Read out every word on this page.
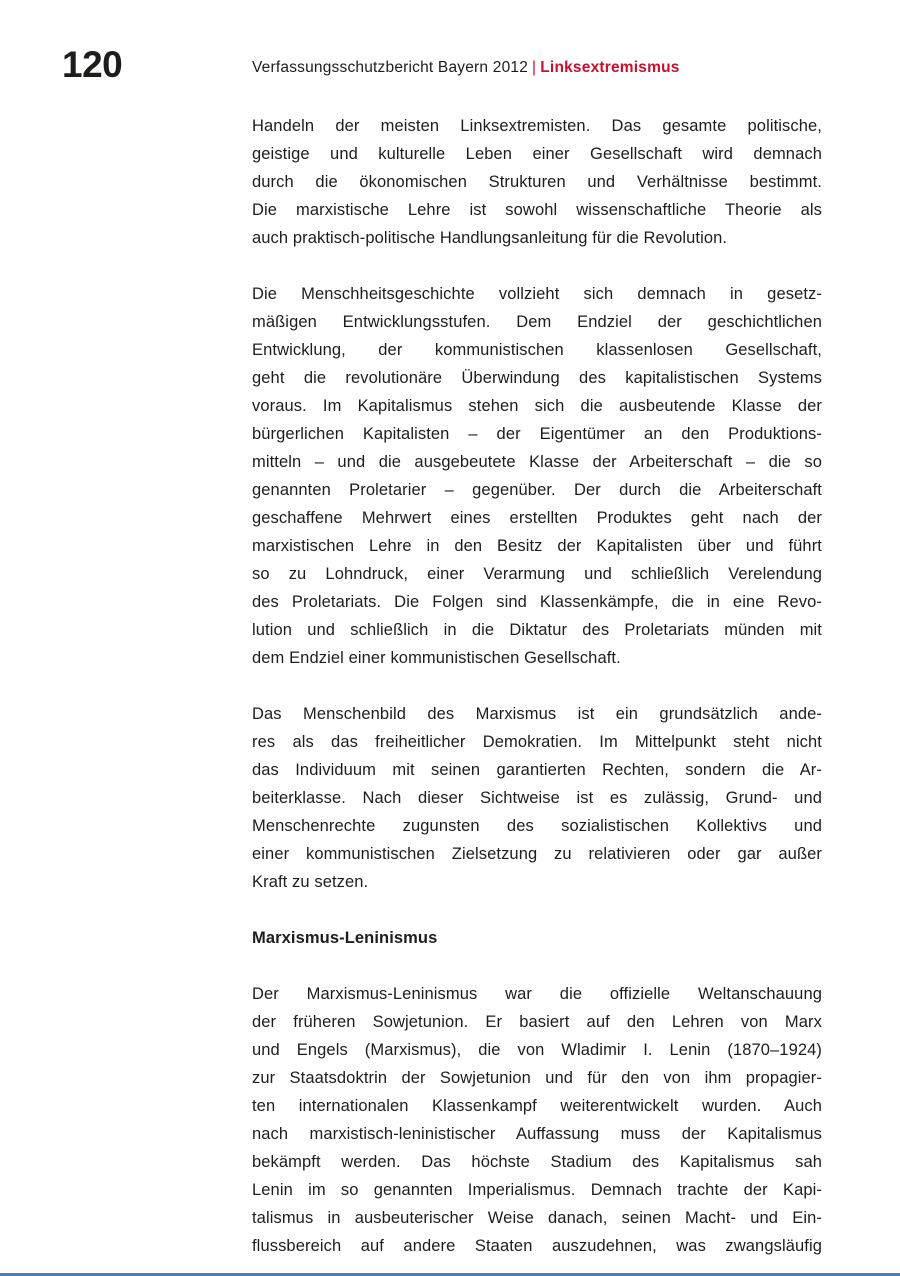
120	Verfassungsschutzbericht Bayern 2012 | Linksextremismus
Handeln der meisten Linksextremisten. Das gesamte politische,
geistige und kulturelle Leben einer Gesellschaft wird demnach
durch die ökonomischen Strukturen und Verhältnisse bestimmt.
Die marxistische Lehre ist sowohl wissenschaftliche Theorie als
auch praktisch-politische Handlungsanleitung für die Revolution.
Die Menschheitsgeschichte vollzieht sich demnach in gesetz-
mäßigen Entwicklungsstufen. Dem Endziel der geschichtlichen
Entwicklung, der kommunistischen klassenlosen Gesellschaft,
geht die revolutionäre Überwindung des kapitalistischen Systems
voraus. Im Kapitalismus stehen sich die ausbeutende Klasse der
bürgerlichen Kapitalisten – der Eigentümer an den Produktions-
mitteln – und die ausgebeutete Klasse der Arbeiterschaft – die so
genannten Proletarier – gegenüber. Der durch die Arbeiterschaft
geschaffene Mehrwert eines erstellten Produktes geht nach der
marxistischen Lehre in den Besitz der Kapitalisten über und führt
so zu Lohndruck, einer Verarmung und schließlich Verelendung
des Proletariats. Die Folgen sind Klassenkämpfe, die in eine Revo-
lution und schließlich in die Diktatur des Proletariats münden mit
dem Endziel einer kommunistischen Gesellschaft.
Das Menschenbild des Marxismus ist ein grundsätzlich ande-
res als das freiheitlicher Demokratien. Im Mittelpunkt steht nicht
das Individuum mit seinen garantierten Rechten, sondern die Ar-
beiterklasse. Nach dieser Sichtweise ist es zulässig, Grund- und
Menschenrechte zugunsten des sozialistischen Kollektivs und
einer kommunistischen Zielsetzung zu relativieren oder gar außer
Kraft zu setzen.
Marxismus-Leninismus
Der Marxismus-Leninismus war die offizielle Weltanschauung
der früheren Sowjetunion. Er basiert auf den Lehren von Marx
und Engels (Marxismus), die von Wladimir I. Lenin (1870–1924)
zur Staatsdoktrin der Sowjetunion und für den von ihm propagier-
ten internationalen Klassenkampf weiterentwickelt wurden. Auch
nach marxistisch-leninistischer Auffassung muss der Kapitalismus
bekämpft werden. Das höchste Stadium des Kapitalismus sah
Lenin im so genannten Imperialismus. Demnach trachte der Kapi-
talismus in ausbeuterischer Weise danach, seinen Macht- und Ein-
flussbereich auf andere Staaten auszudehnen, was zwangsläufig
